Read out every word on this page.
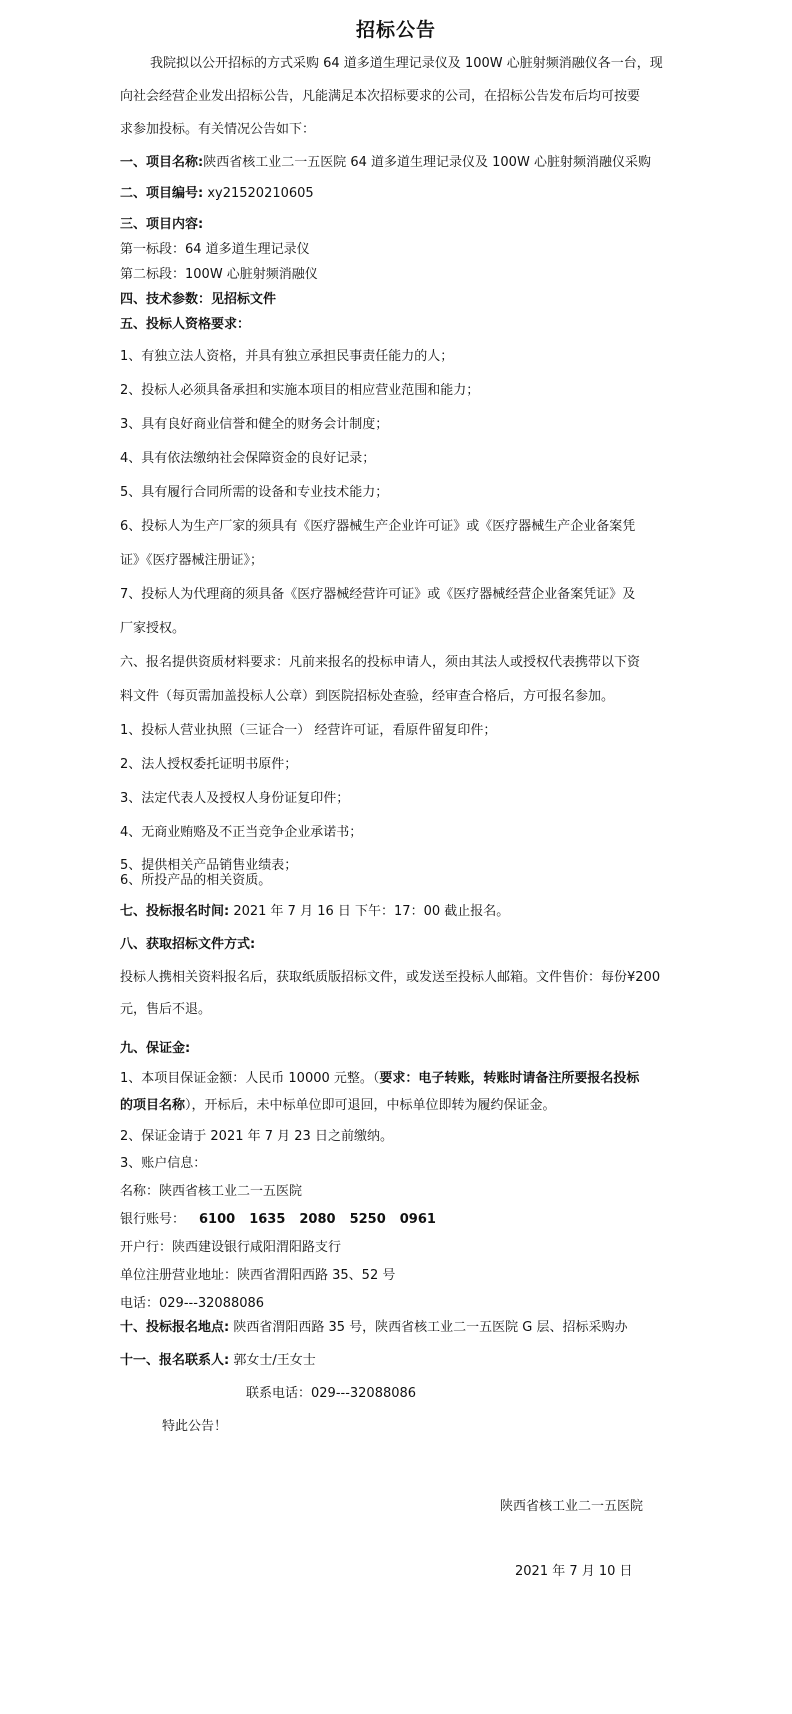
招标公告
我院拟以公开招标的方式采购 64 道多道生理记录仪及 100W 心脏射频消融仪各一台，现
向社会经营企业发出招标公告，凡能满足本次招标要求的公司，在招标公告发布后均可按要
求参加投标。有关情况公告如下：
一、项目名称:陕西省核工业二一五医院 64 道多道生理记录仪及 100W 心脏射频消融仪采购
二、项目编号: xy21520210605
三、项目内容:
第一标段：64 道多道生理记录仪
第二标段：100W 心脏射频消融仪
四、技术参数：见招标文件
五、投标人资格要求：
1、有独立法人资格，并具有独立承担民事责任能力的人；
2、投标人必须具备承担和实施本项目的相应营业范围和能力；
3、具有良好商业信誉和健全的财务会计制度；
4、具有依法缴纳社会保障资金的良好记录；
5、具有履行合同所需的设备和专业技术能力；
6、投标人为生产厂家的须具有《医疗器械生产企业许可证》或《医疗器械生产企业备案凭
证》《医疗器械注册证》；
7、投标人为代理商的须具备《医疗器械经营许可证》或《医疗器械经营企业备案凭证》及
厂家授权。
六、报名提供资质材料要求：凡前来报名的投标申请人，须由其法人或授权代表携带以下资
料文件（每页需加盖投标人公章）到医院招标处查验，经审查合格后，方可报名参加。
1、投标人营业执照（三证合一） 经营许可证，看原件留复印件；
2、法人授权委托证明书原件；
3、法定代表人及授权人身份证复印件；
4、无商业贿赂及不正当竞争企业承诺书；
5、提供相关产品销售业绩表；
6、所投产品的相关资质。
七、投标报名时间: 2021 年 7 月 16 日 下午：17：00 截止报名。
八、获取招标文件方式:
投标人携相关资料报名后，获取纸质版招标文件，或发送至投标人邮箱。文件售价：每份¥200
元，售后不退。
九、保证金:
1、本项目保证金额：人民币 10000 元整。（要求：电子转账，转账时请备注所要报名投标
的项目名称），开标后，未中标单位即可退回，中标单位即转为履约保证金。
2、保证金请于 2021 年 7 月 23 日之前缴纳。
3、账户信息：
名称：陕西省核工业二一五医院
银行账号： 6100 1635 2080 5250 0961
开户行：陕西建设银行咸阳渭阳路支行
单位注册营业地址：陕西省渭阳西路 35、52 号
电话：029---32088086
十、投标报名地点: 陕西省渭阳西路 35 号，陕西省核工业二一五医院 G 层、招标采购办
十一、报名联系人: 郭女士/王女士
联系电话：029---32088086
特此公告！
陕西省核工业二一五医院
2021 年 7 月 10 日
